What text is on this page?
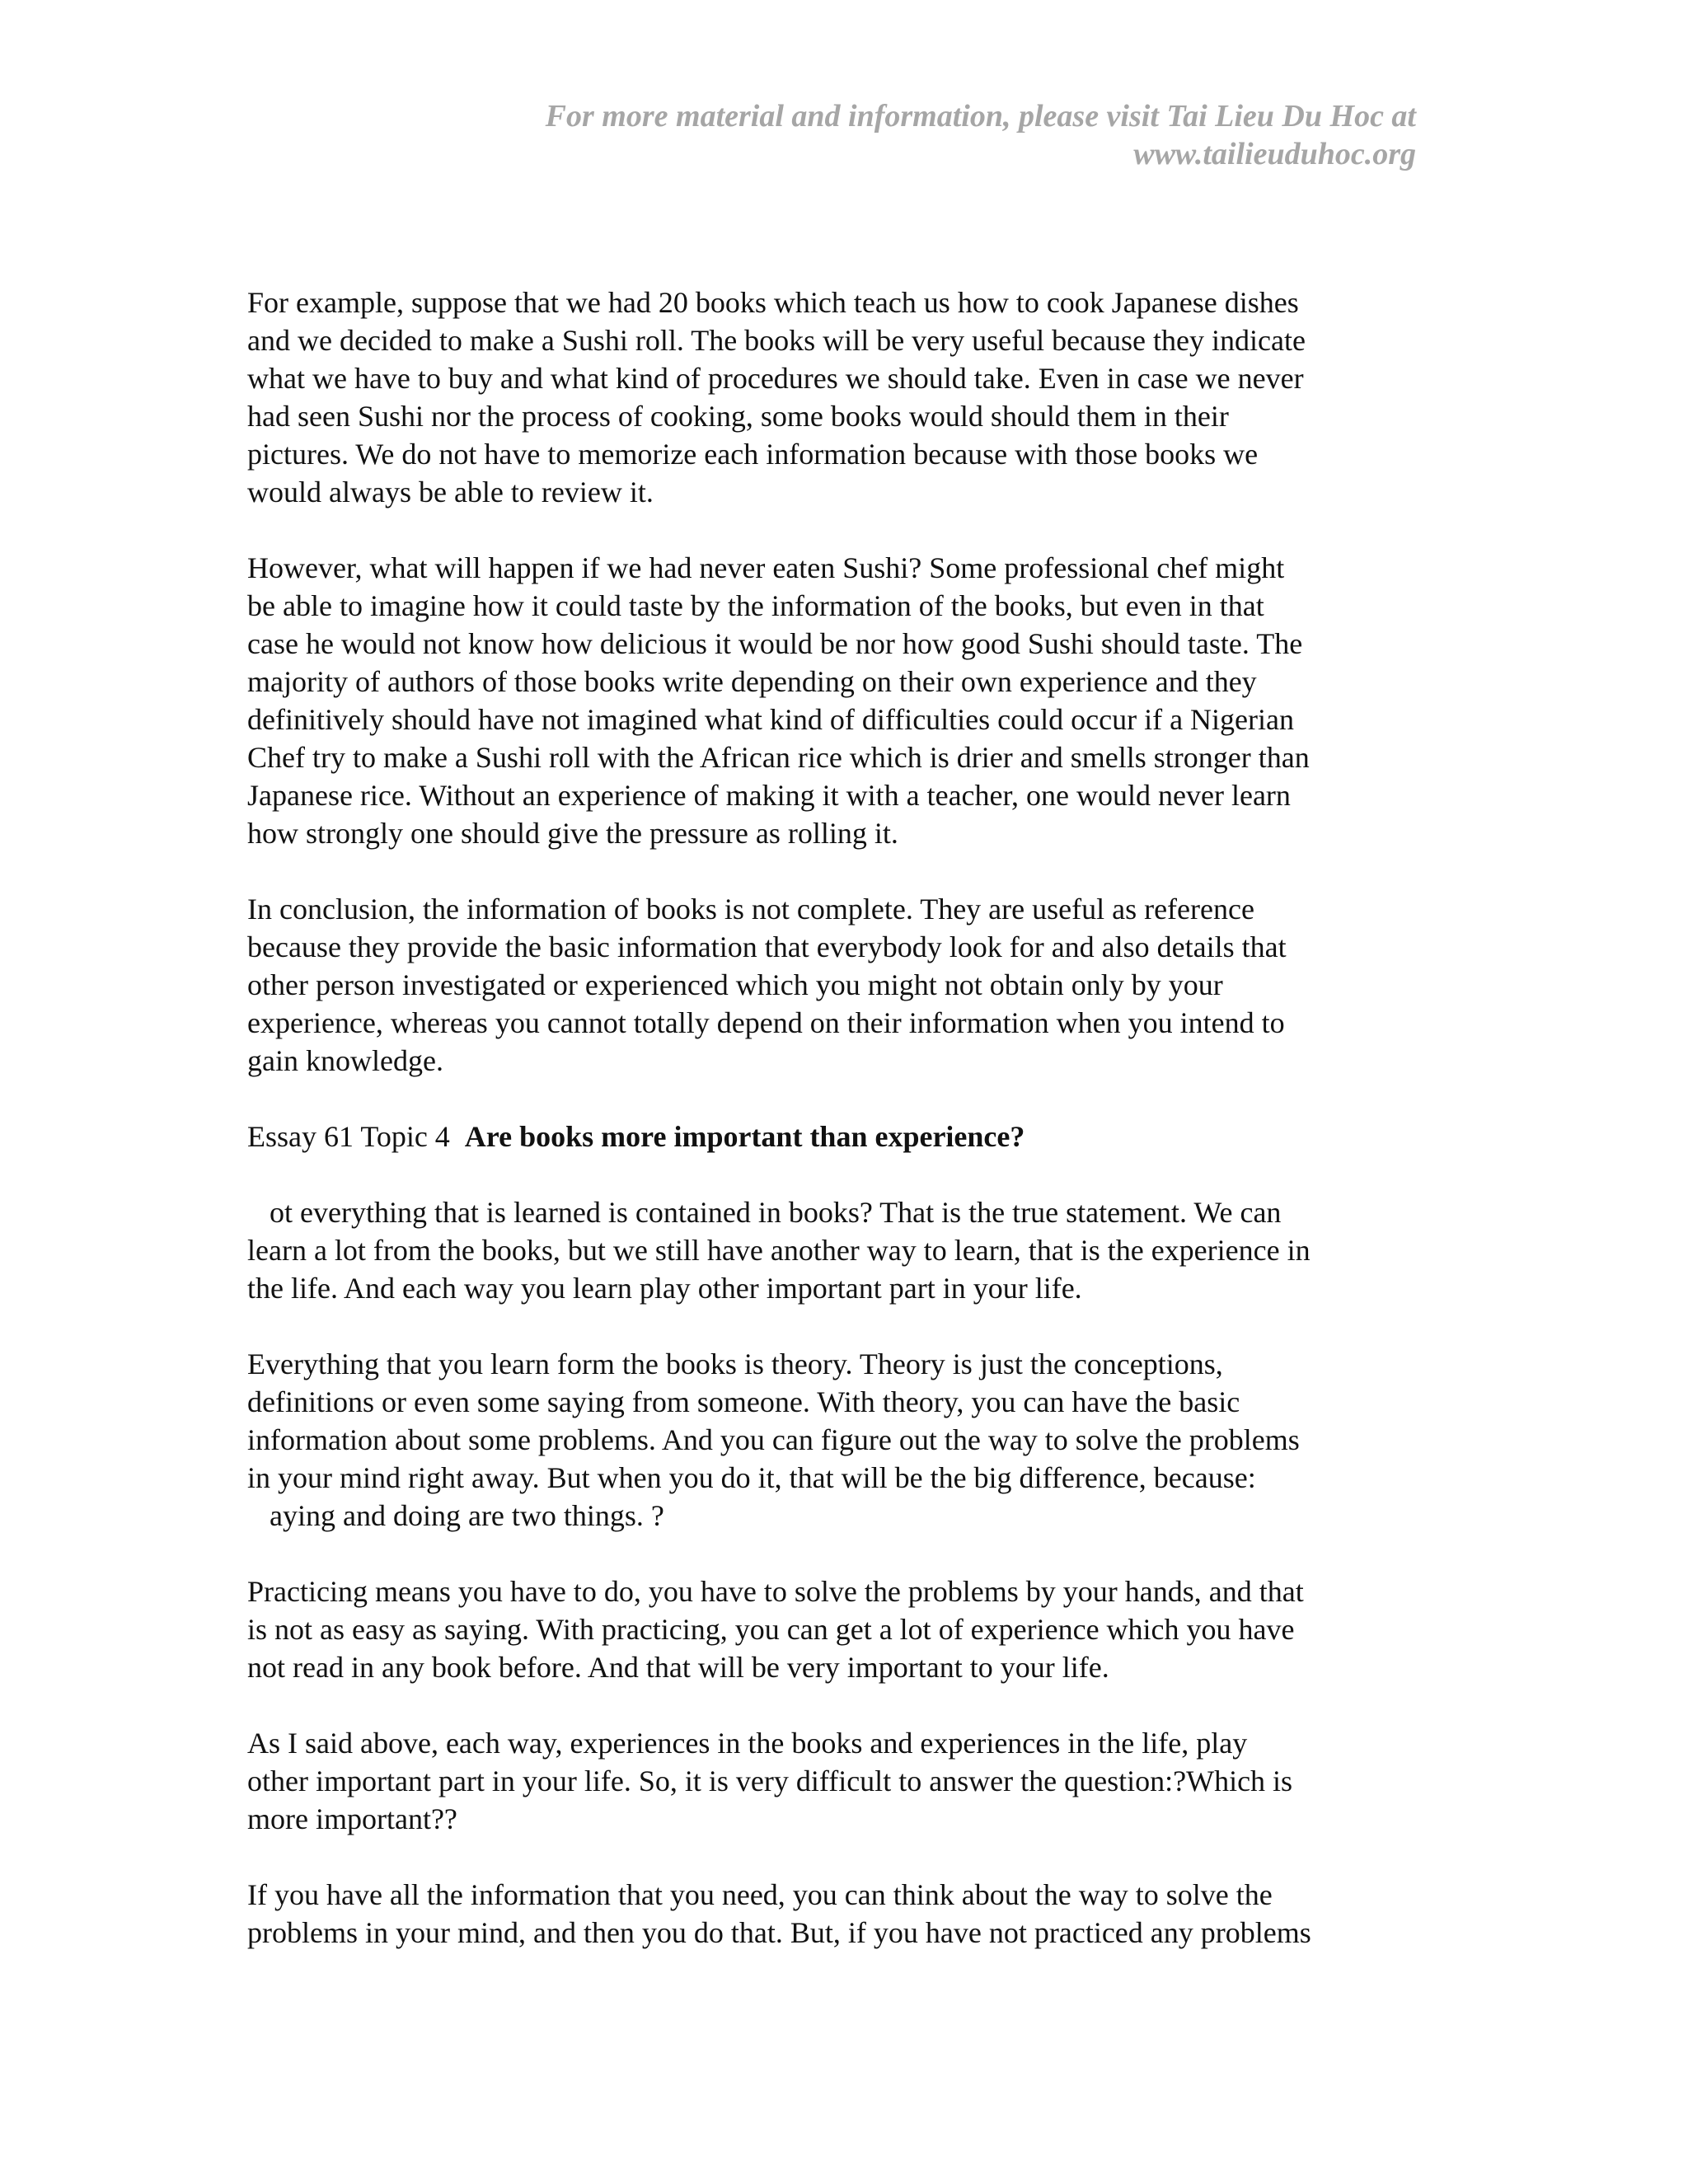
For more material and information, please visit Tai Lieu Du Hoc at
www.tailieuduhoc.org

For example, suppose that we had 20 books which teach us how to cook Japanese dishes
and we decided to make a Sushi roll. The books will be very useful because they indicate
what we have to buy and what kind of procedures we should take. Even in case we never
had seen Sushi nor the process of cooking, some books would should them in their
pictures. We do not have to memorize each information because with those books we
would always be able to review it.

However, what will happen if we had never eaten Sushi? Some professional chef might
be able to imagine how it could taste by the information of the books, but even in that
case he would not know how delicious it would be nor how good Sushi should taste. The
majority of authors of those books write depending on their own experience and they
definitively should have not imagined what kind of difficulties could occur if a Nigerian
Chef try to make a Sushi roll with the African rice which is drier and smells stronger than
Japanese rice. Without an experience of making it with a teacher, one would never learn
how strongly one should give the pressure as rolling it.

In conclusion, the information of books is not complete. They are useful as reference
because they provide the basic information that everybody look for and also details that
other person investigated or experienced which you might not obtain only by your
experience, whereas you cannot totally depend on their information when you intend to
gain knowledge.

Essay 61 Topic 4  Are books more important than experience?

ot everything that is learned is contained in books? That is the true statement. We can
learn a lot from the books, but we still have another way to learn, that is the experience in
the life. And each way you learn play other important part in your life.

Everything that you learn form the books is theory. Theory is just the conceptions,
definitions or even some saying from someone. With theory, you can have the basic
information about some problems. And you can figure out the way to solve the problems
in your mind right away. But when you do it, that will be the big difference, because:
aying and doing are two things. ?

Practicing means you have to do, you have to solve the problems by your hands, and that
is not as easy as saying. With practicing, you can get a lot of experience which you have
not read in any book before. And that will be very important to your life.

As I said above, each way, experiences in the books and experiences in the life, play
other important part in your life. So, it is very difficult to answer the question:?Which is
more important??

If you have all the information that you need, you can think about the way to solve the
problems in your mind, and then you do that. But, if you have not practiced any problems
